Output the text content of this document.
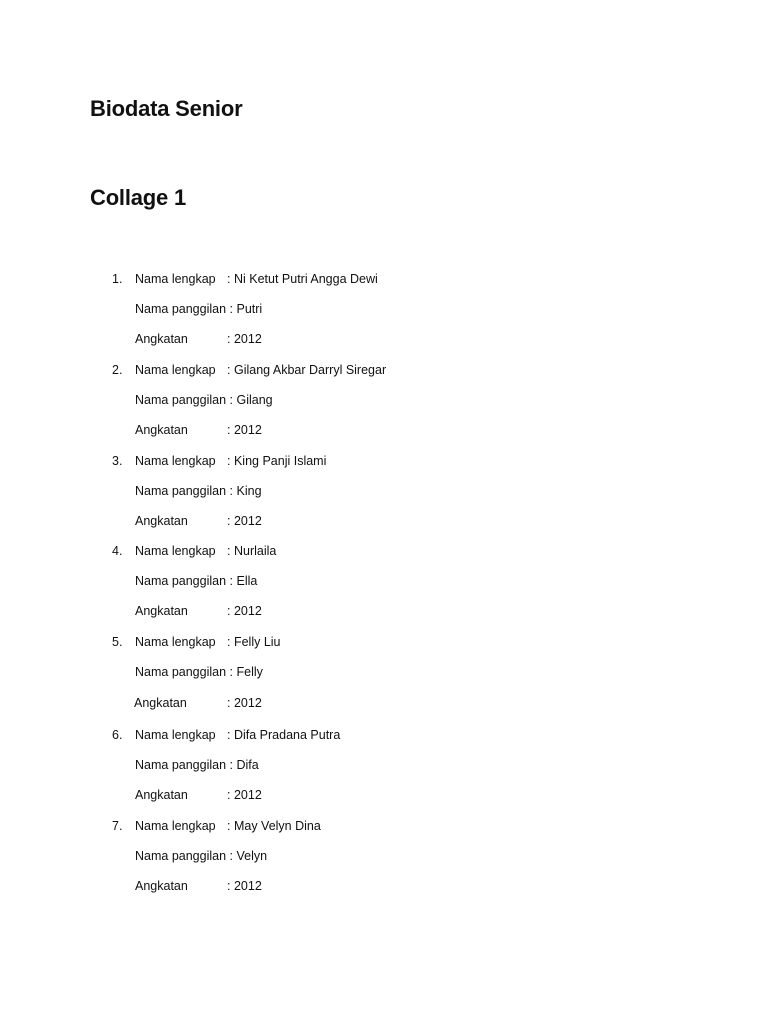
Biodata Senior
Collage 1
1. Nama lengkap : Ni Ketut Putri Angga Dewi
Nama panggilan : Putri
Angkatan	: 2012
2. Nama lengkap : Gilang Akbar Darryl Siregar
Nama panggilan : Gilang
Angkatan	: 2012
3. Nama lengkap : King Panji Islami
Nama panggilan : King
Angkatan	: 2012
4. Nama lengkap : Nurlaila
Nama panggilan : Ella
Angkatan	: 2012
5. Nama lengkap : Felly Liu
Nama panggilan : Felly
Angkatan	: 2012
6. Nama lengkap : Difa Pradana Putra
Nama panggilan : Difa
Angkatan	: 2012
7. Nama lengkap : May Velyn Dina
Nama panggilan : Velyn
Angkatan	: 2012
